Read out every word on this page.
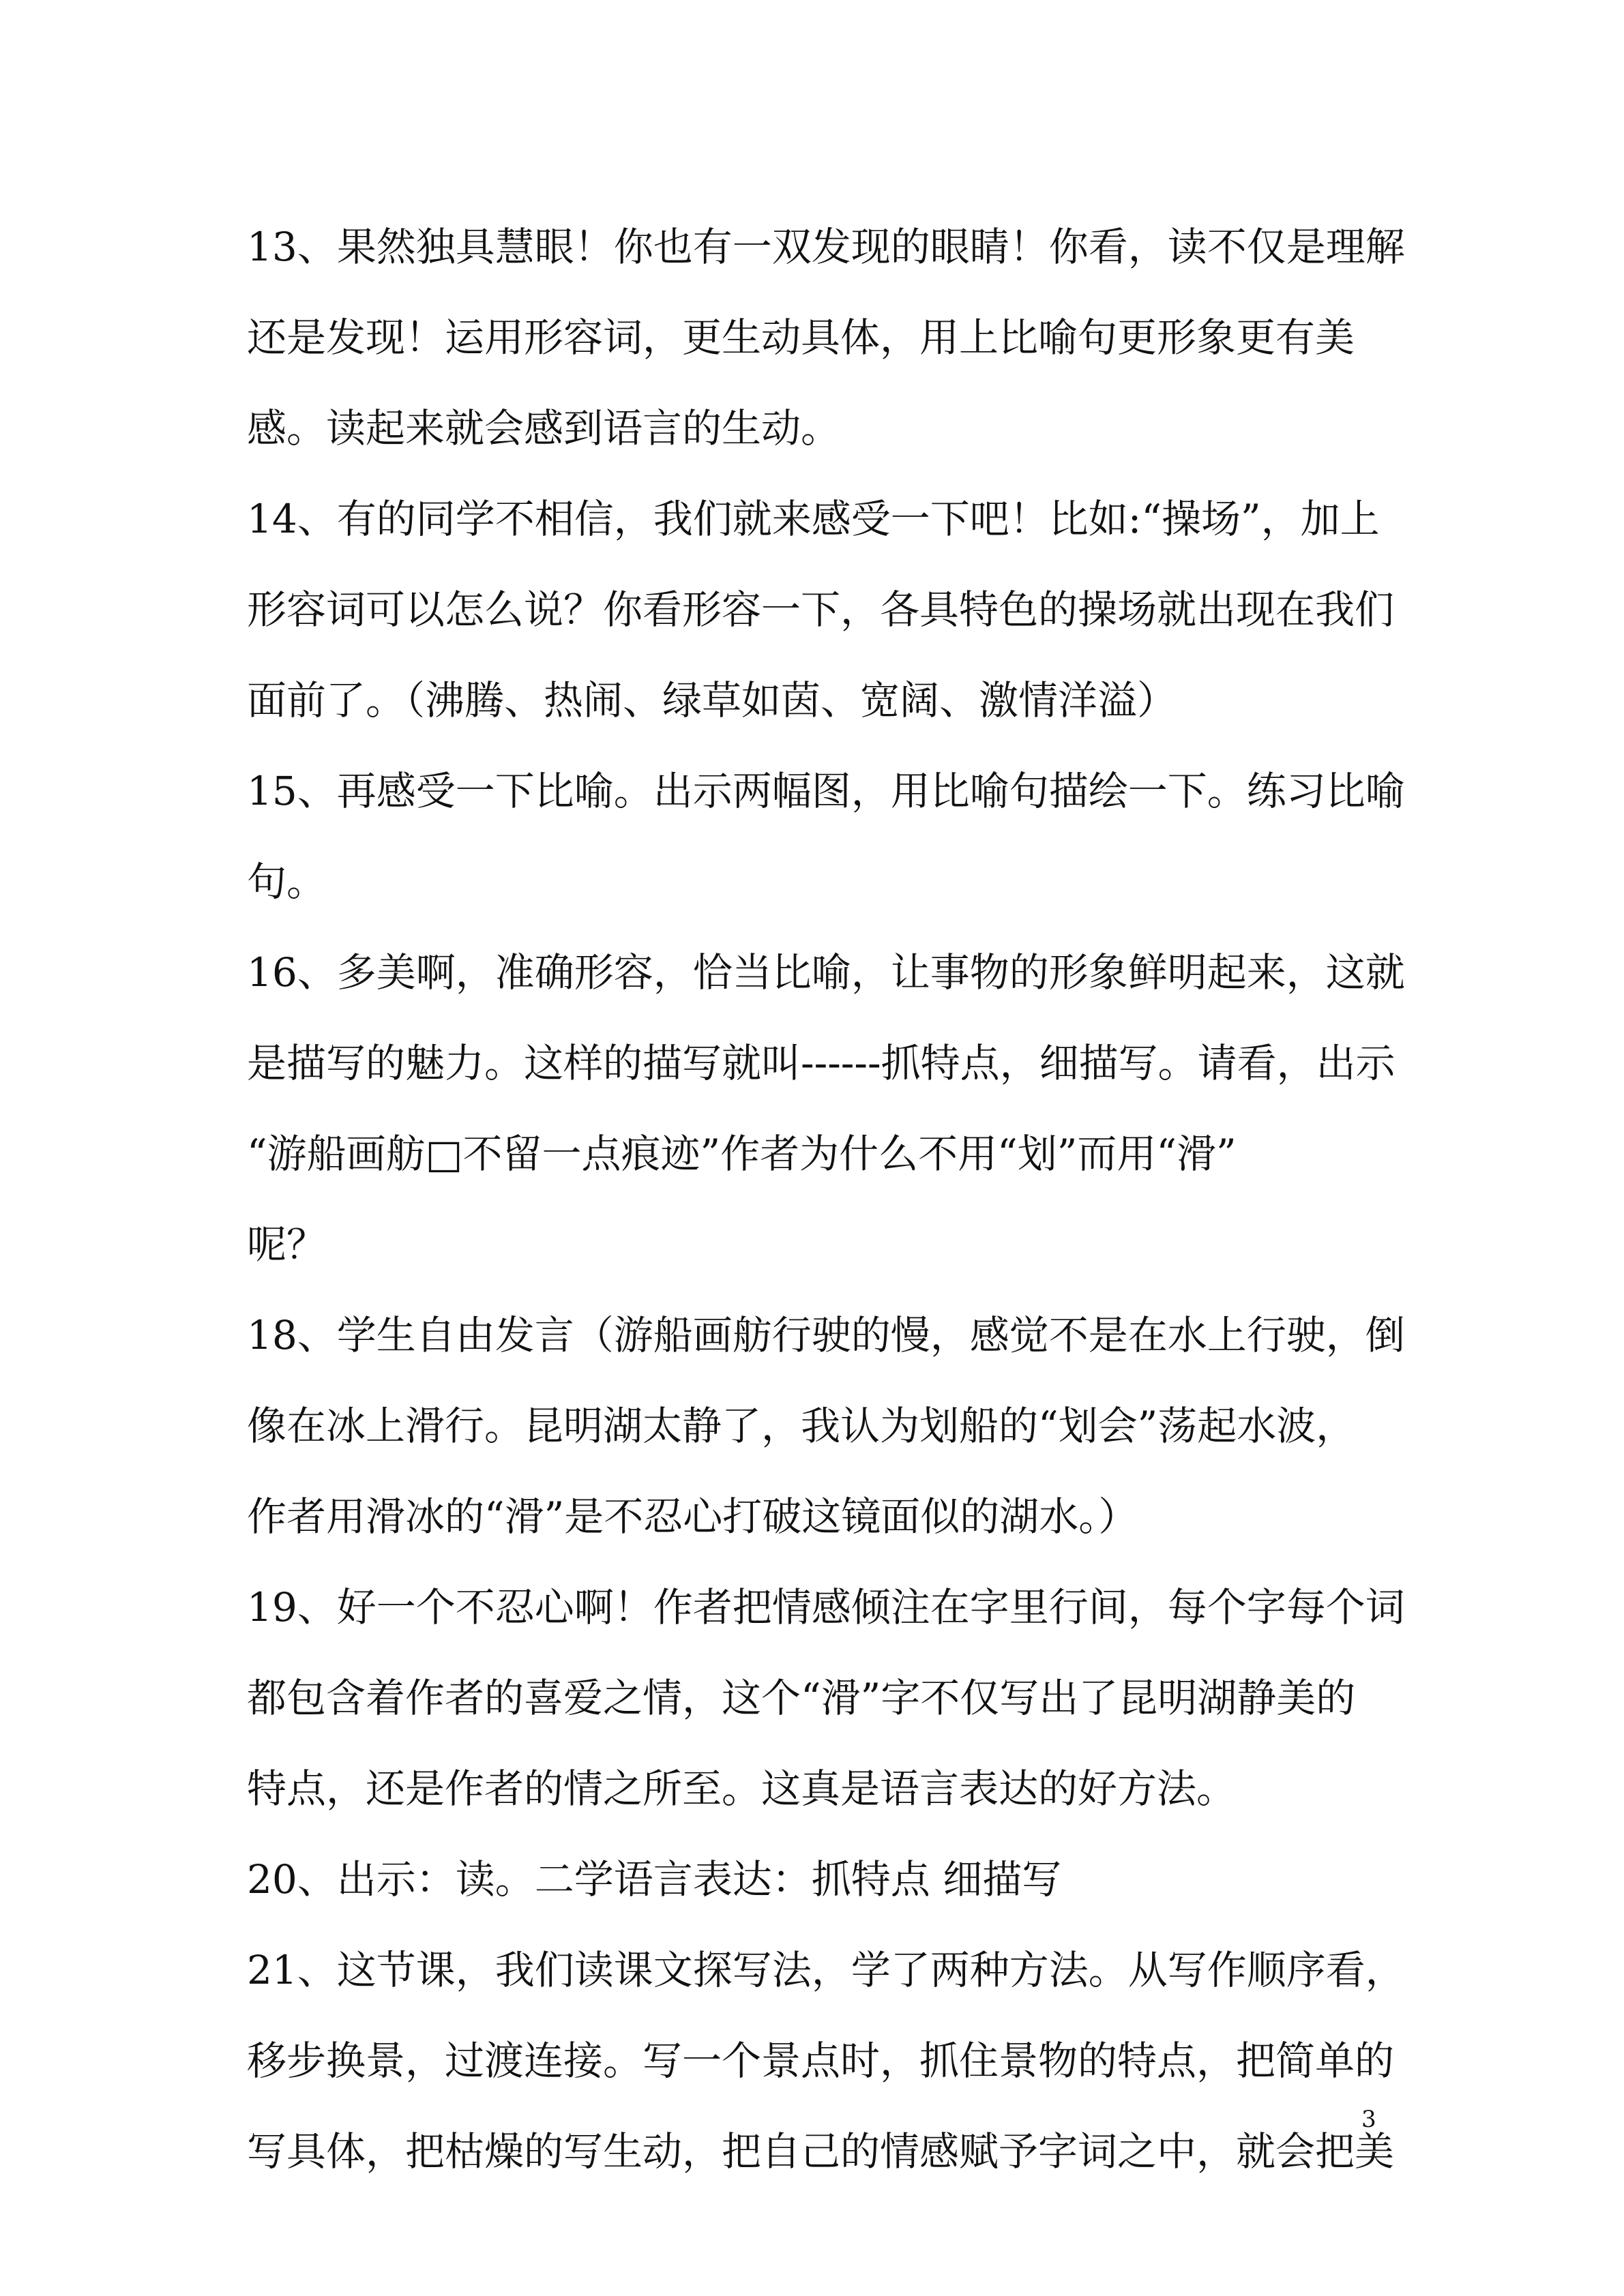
13、果然独具慧眼！你也有一双发现的眼睛！你看，读不仅是理解
还是发现！运用形容词，更生动具体，用上比喻句更形象更有美
感。读起来就会感到语言的生动。
14、有的同学不相信，我们就来感受一下吧！比如:“操场”，加上
形容词可以怎么说？你看形容一下，各具特色的操场就出现在我们
面前了。（沸腾、热闹、绿草如茵、宽阔、激情洋溢）
15、再感受一下比喻。出示两幅图，用比喻句描绘一下。练习比喻
句。
16、多美啊，准确形容，恰当比喻，让事物的形象鲜明起来，这就
是描写的魅力。这样的描写就叫------抓特点，细描写。请看，出示
“游船画舫□不留一点痕迹”作者为什么不用“划”而用“滑”
呢？
18、学生自由发言（游船画舫行驶的慢，感觉不是在水上行驶，倒
像在冰上滑行。昆明湖太静了，我认为划船的“划会”荡起水波，
作者用滑冰的“滑”是不忍心打破这镜面似的湖水。）
19、好一个不忍心啊！作者把情感倾注在字里行间，每个字每个词
都包含着作者的喜爱之情，这个“滑”字不仅写出了昆明湖静美的
特点，还是作者的情之所至。这真是语言表达的好方法。
20、出示：读。二学语言表达：抓特点 细描写
21、这节课，我们读课文探写法，学了两种方法。从写作顺序看，
移步换景，过渡连接。写一个景点时，抓住景物的特点，把简单的
写具体，把枯燥的写生动，把自己的情感赋予字词之中，就会把美
3
